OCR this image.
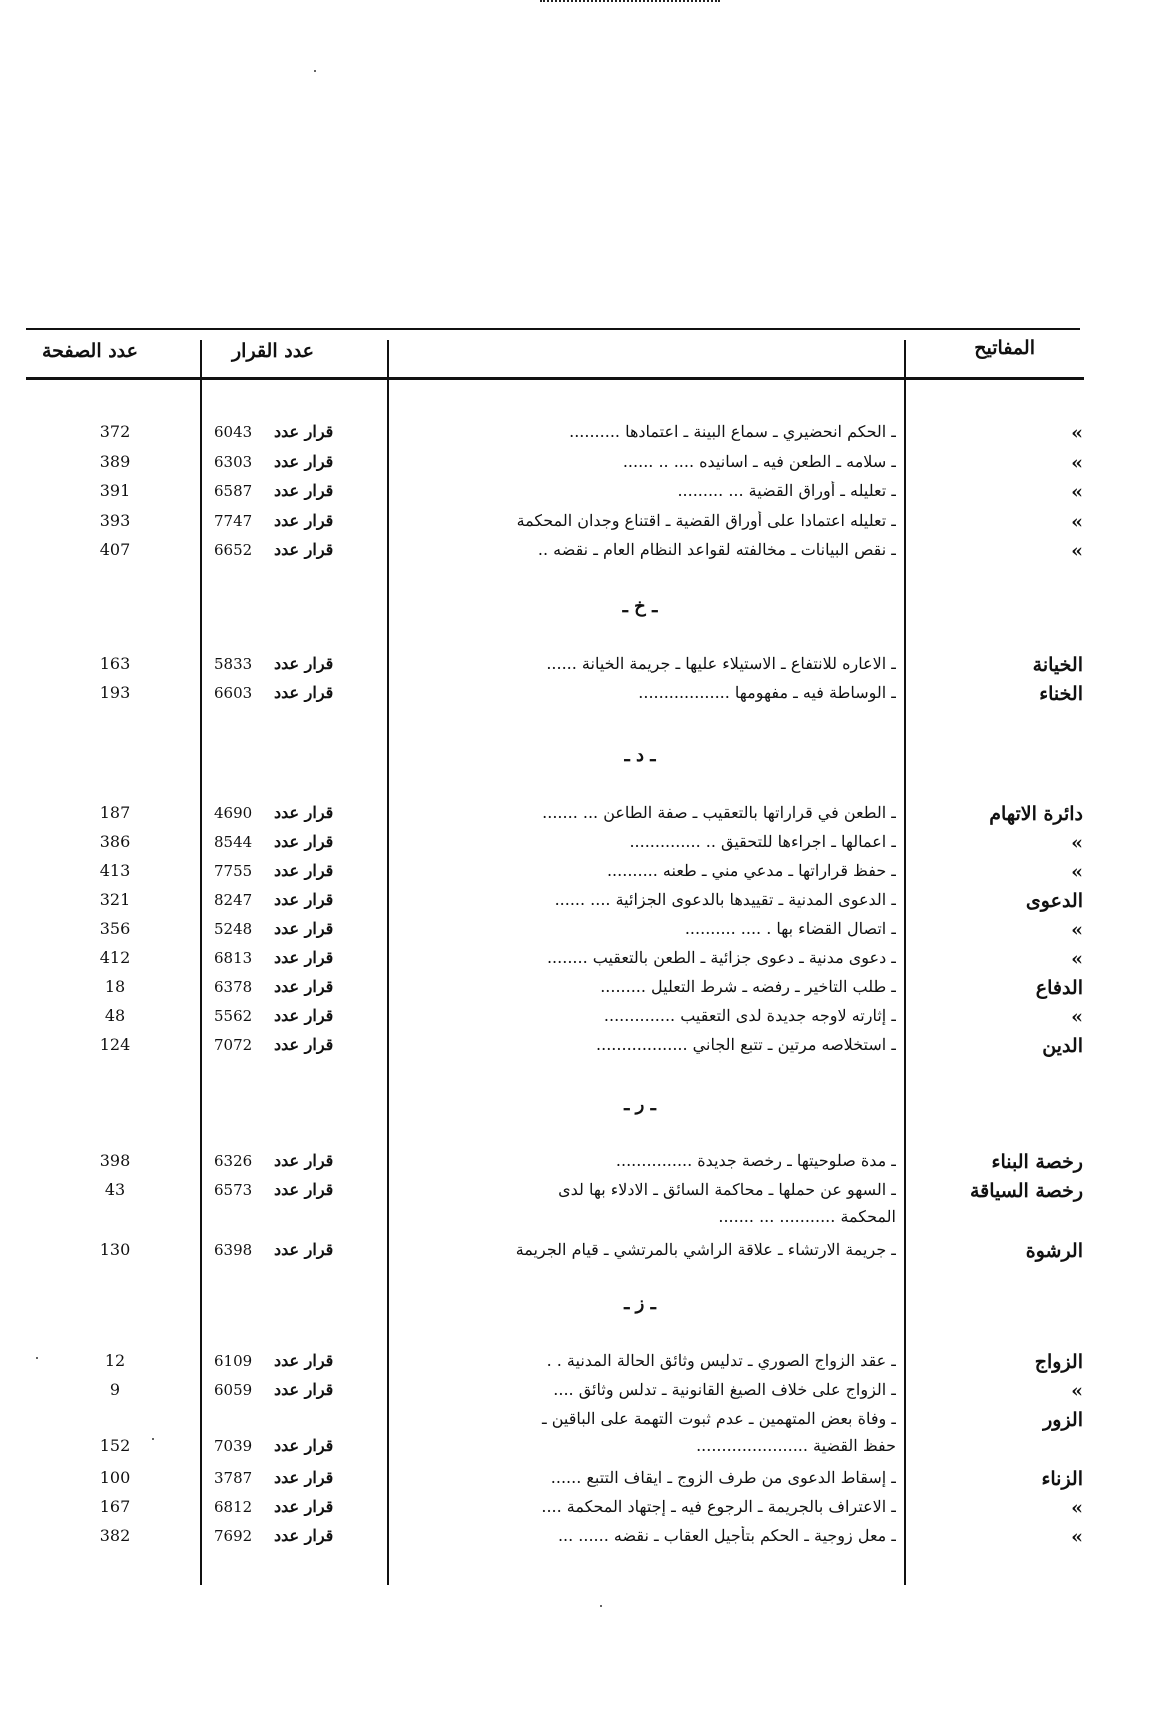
المفاتيح
عدد القرار
عدد الصفحة
ـ خ ـ
ـ د ـ
ـ ر ـ
ـ ز ـ
»
ـ الحكم انحضيري ـ سماع البينة ـ اعتمادها ..........
6043 قرار عدد
372
»
ـ سلامه ـ الطعن فيه ـ اسانيده .... .. ......
6303 قرار عدد
389
»
ـ تعليله ـ أوراق القضية ... .........
6587 قرار عدد
391
»
ـ تعليله اعتمادا على أوراق القضية ـ اقتناع وجدان المحكمة
7747 قرار عدد
393
»
ـ نقص البيانات ـ مخالفته لقواعد النظام العام ـ نقضه ..
6652 قرار عدد
407
الخيانة
ـ الاعاره للانتفاع ـ الاستيلاء عليها ـ جريمة الخيانة ......
5833 قرار عدد
163
الخناء
ـ الوساطة فيه ـ مفهومها ..................
6603 قرار عدد
193
دائرة الاتهام
ـ الطعن في قراراتها بالتعقيب ـ صفة الطاعن ... .......
4690 قرار عدد
187
»
ـ اعمالها ـ اجراءها للتحقيق .. ..............
8544 قرار عدد
386
»
ـ حفظ قراراتها ـ مدعي مني ـ طعنه ..........
7755 قرار عدد
413
الدعوى
ـ الدعوى المدنية ـ تقييدها بالدعوى الجزائية .... ......
8247 قرار عدد
321
»
ـ اتصال القضاء بها . .... ..........
5248 قرار عدد
356
»
ـ دعوى مدنية ـ دعوى جزائية ـ الطعن بالتعقيب ........
6813 قرار عدد
412
الدفاع
ـ طلب التاخير ـ رفضه ـ شرط التعليل .........
6378 قرار عدد
18
»
ـ إثارته لاوجه جديدة لدى التعقيب ..............
5562 قرار عدد
48
الدين
ـ استخلاصه مرتين ـ تتبع الجاني ..................
7072 قرار عدد
124
رخصة البناء
ـ مدة صلوحيتها ـ رخصة جديدة ...............
6326 قرار عدد
398
رخصة السياقة
ـ السهو عن حملها ـ محاكمة السائق ـ الادلاء بها لدى
المحكمة ........... ... .......
6573 قرار عدد
43
الرشوة
ـ جريمة الارتشاء ـ علاقة الراشي بالمرتشي ـ قيام الجريمة
6398 قرار عدد
130
الزواج
ـ عقد الزواج الصوري ـ تدليس وثائق الحالة المدنية . .
6109 قرار عدد
12
»
ـ الزواج على خلاف الصيغ القانونية ـ تدلس وثائق ....
6059 قرار عدد
9
الزور
ـ وفاة بعض المتهمين ـ عدم ثبوت التهمة على الباقين ـ
حفظ القضية ......................
7039 قرار عدد
152
الزناء
ـ إسقاط الدعوى من طرف الزوج ـ ايقاف التتبع ......
3787 قرار عدد
100
»
ـ الاعتراف بالجريمة ـ الرجوع فيه ـ إجتهاد المحكمة ....
6812 قرار عدد
167
»
ـ معل زوجية ـ الحكم بتأجيل العقاب ـ نقضه ...... ...
7692 قرار عدد
382
